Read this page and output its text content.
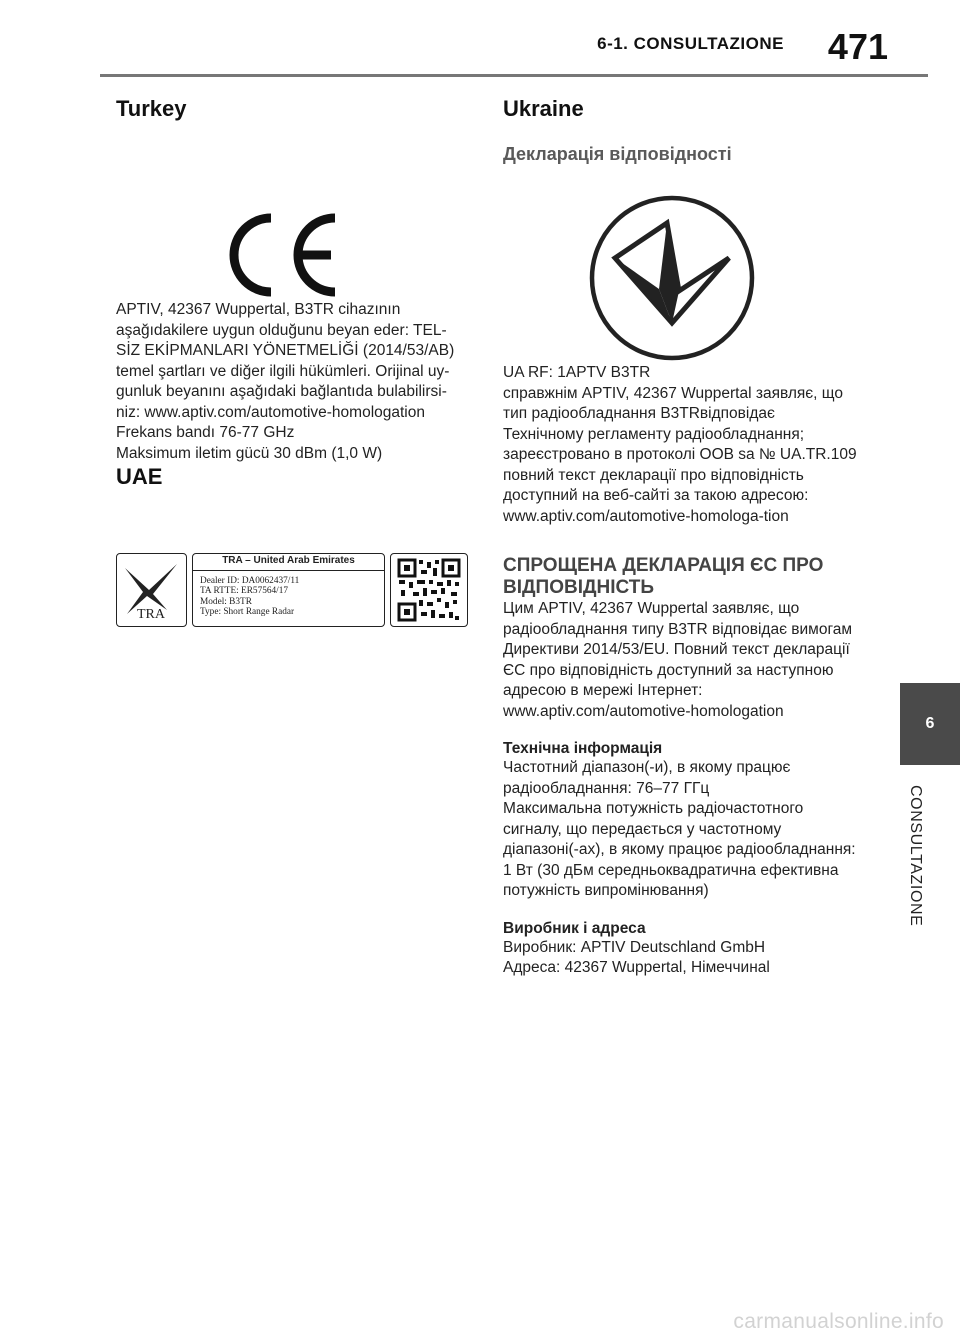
6-1. CONSULTAZIONE 471
6
CONSULTAZIONE
Turkey

APTIV, 42367 Wuppertal, B3TR cihazının aşağıdakilere uygun olduğunu beyan eder: TEL-SİZ EKİPMANLARI YÖNETMELİĞİ (2014/53/AB) temel şartları ve diğer ilgili hükümleri. Orijinal uy-gunluk beyanını aşağıdaki bağlantıda bulabilirsi-niz: www.aptiv.com/automotive-homologation

Frekans bandı 76-77 GHz

Maksimum iletim gücü 30 dBm (1,0 W)

UAE
TRA
TRA – United Arab Emirates
Dealer ID: DA0062437/11
TA RTTE: ER57564/17
Model: B3TR
Type: Short Range Radar
Ukraine
Декларація відповідності

UA RF: 1APTV B3TR

справжнім APTIV, 42367 Wuppertal заявляє, що тип радіообладнання B3TRвідповідає Технічному регламенту радіообладнання; зареєстровано в протоколі OOB sa № UA.TR.109 повний текст декларації про відповідність доступний на веб-сайті за такою адресою: www.aptiv.com/automotive-homologa-tion

СПРОЩЕНА ДЕКЛАРАЦІЯ ЄС ПРО ВІДПОВІДНІСТЬ

Цим APTIV, 42367 Wuppertal заявляє, що радіообладнання типу B3TR відповідає вимогам Директиви 2014/53/EU. Повний текст декларації ЄС про відповідність доступний за наступною адресою в мережі Інтернет: www.aptiv.com/automotive-homologation

Технічна інформація

Частотний діапазон(-и), в якому працює радіообладнання: 76–77 ГГц

Максимальна потужність радіочастотного сигналу, що передається у частотному діапазоні(-ах), в якому працює радіообладнання: 1 Вт (30 дБм середньоквадратична ефективна потужність випромінювання)

Виробник і адреса

Виробник: APTIV Deutschland GmbH

Адреса: 42367 Wuppertal, Німеччинаl

carmanualsonline.info
